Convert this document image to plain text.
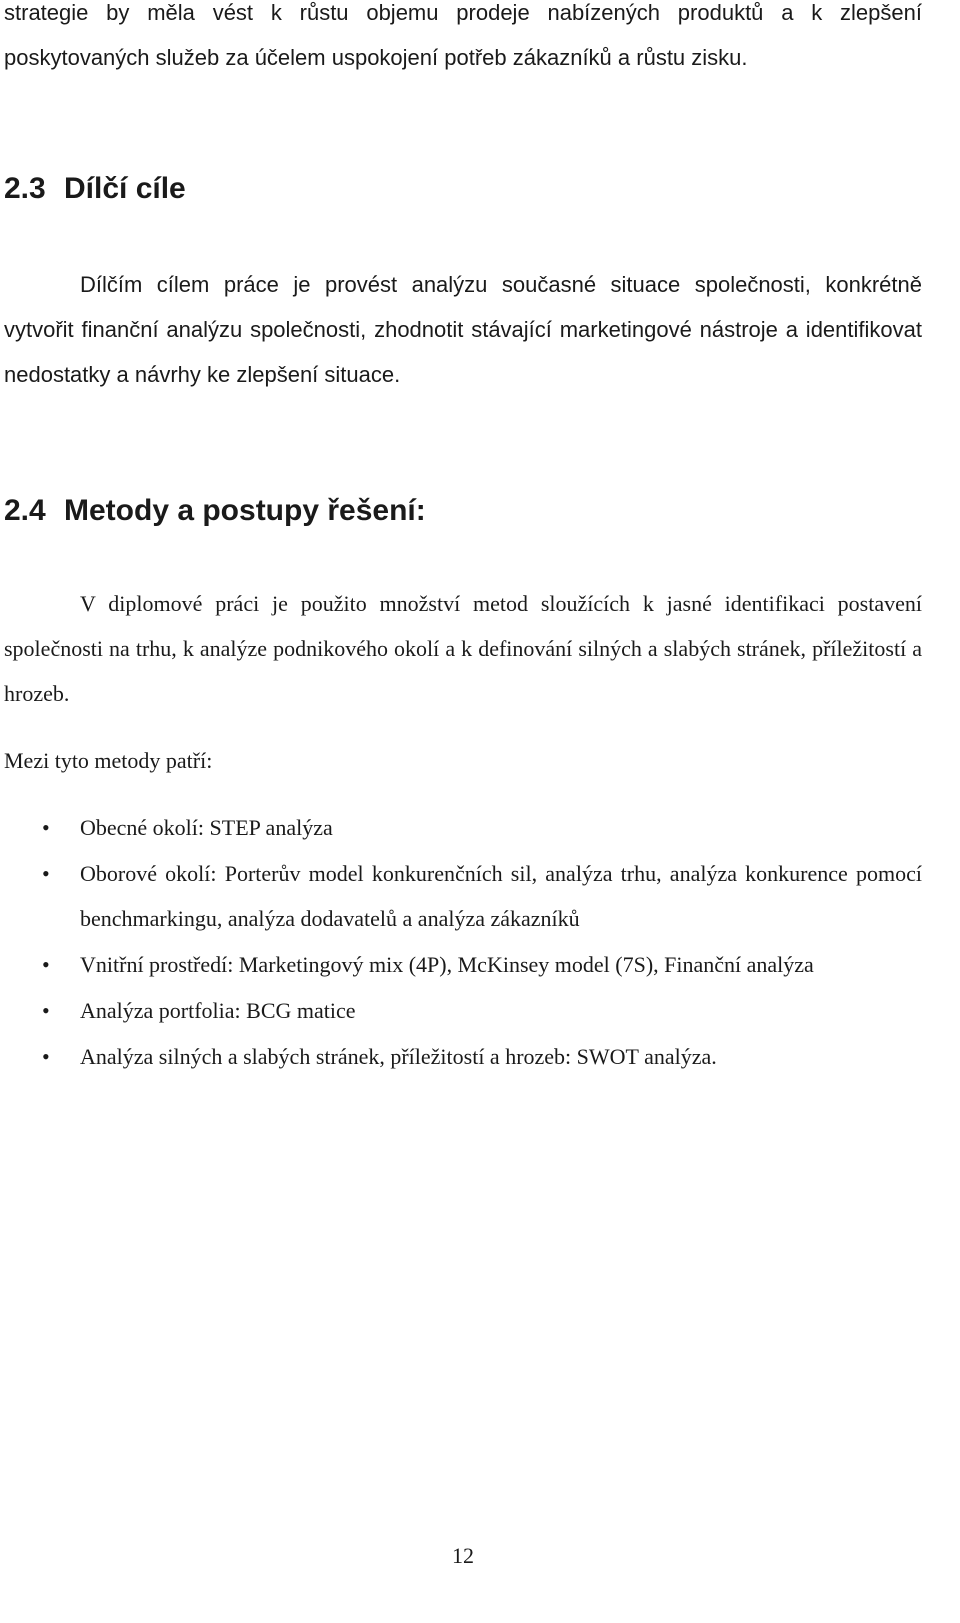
strategie by měla vést k růstu objemu prodeje nabízených produktů a k zlepšení poskytovaných služeb za účelem uspokojení potřeb zákazníků a růstu zisku.

2.3 Dílčí cíle

Dílčím cílem práce je provést analýzu současné situace společnosti, konkrétně vytvořit finanční analýzu společnosti, zhodnotit stávající marketingové nástroje a identifikovat nedostatky a návrhy ke zlepšení situace.

2.4 Metody a postupy řešení:

V diplomové práci je použito množství metod sloužících k jasné identifikaci postavení společnosti na trhu, k analýze podnikového okolí a k definování silných a slabých stránek, příležitostí a hrozeb.

Mezi tyto metody patří:

• Obecné okolí: STEP analýza
• Oborové okolí: Porterův model konkurenčních sil, analýza trhu, analýza konkurence pomocí benchmarkingu, analýza dodavatelů a analýza zákazníků
• Vnitřní prostředí: Marketingový mix (4P), McKinsey model (7S), Finanční analýza
• Analýza portfolia: BCG matice
• Analýza silných a slabých stránek, příležitostí a hrozeb: SWOT analýza.
12
